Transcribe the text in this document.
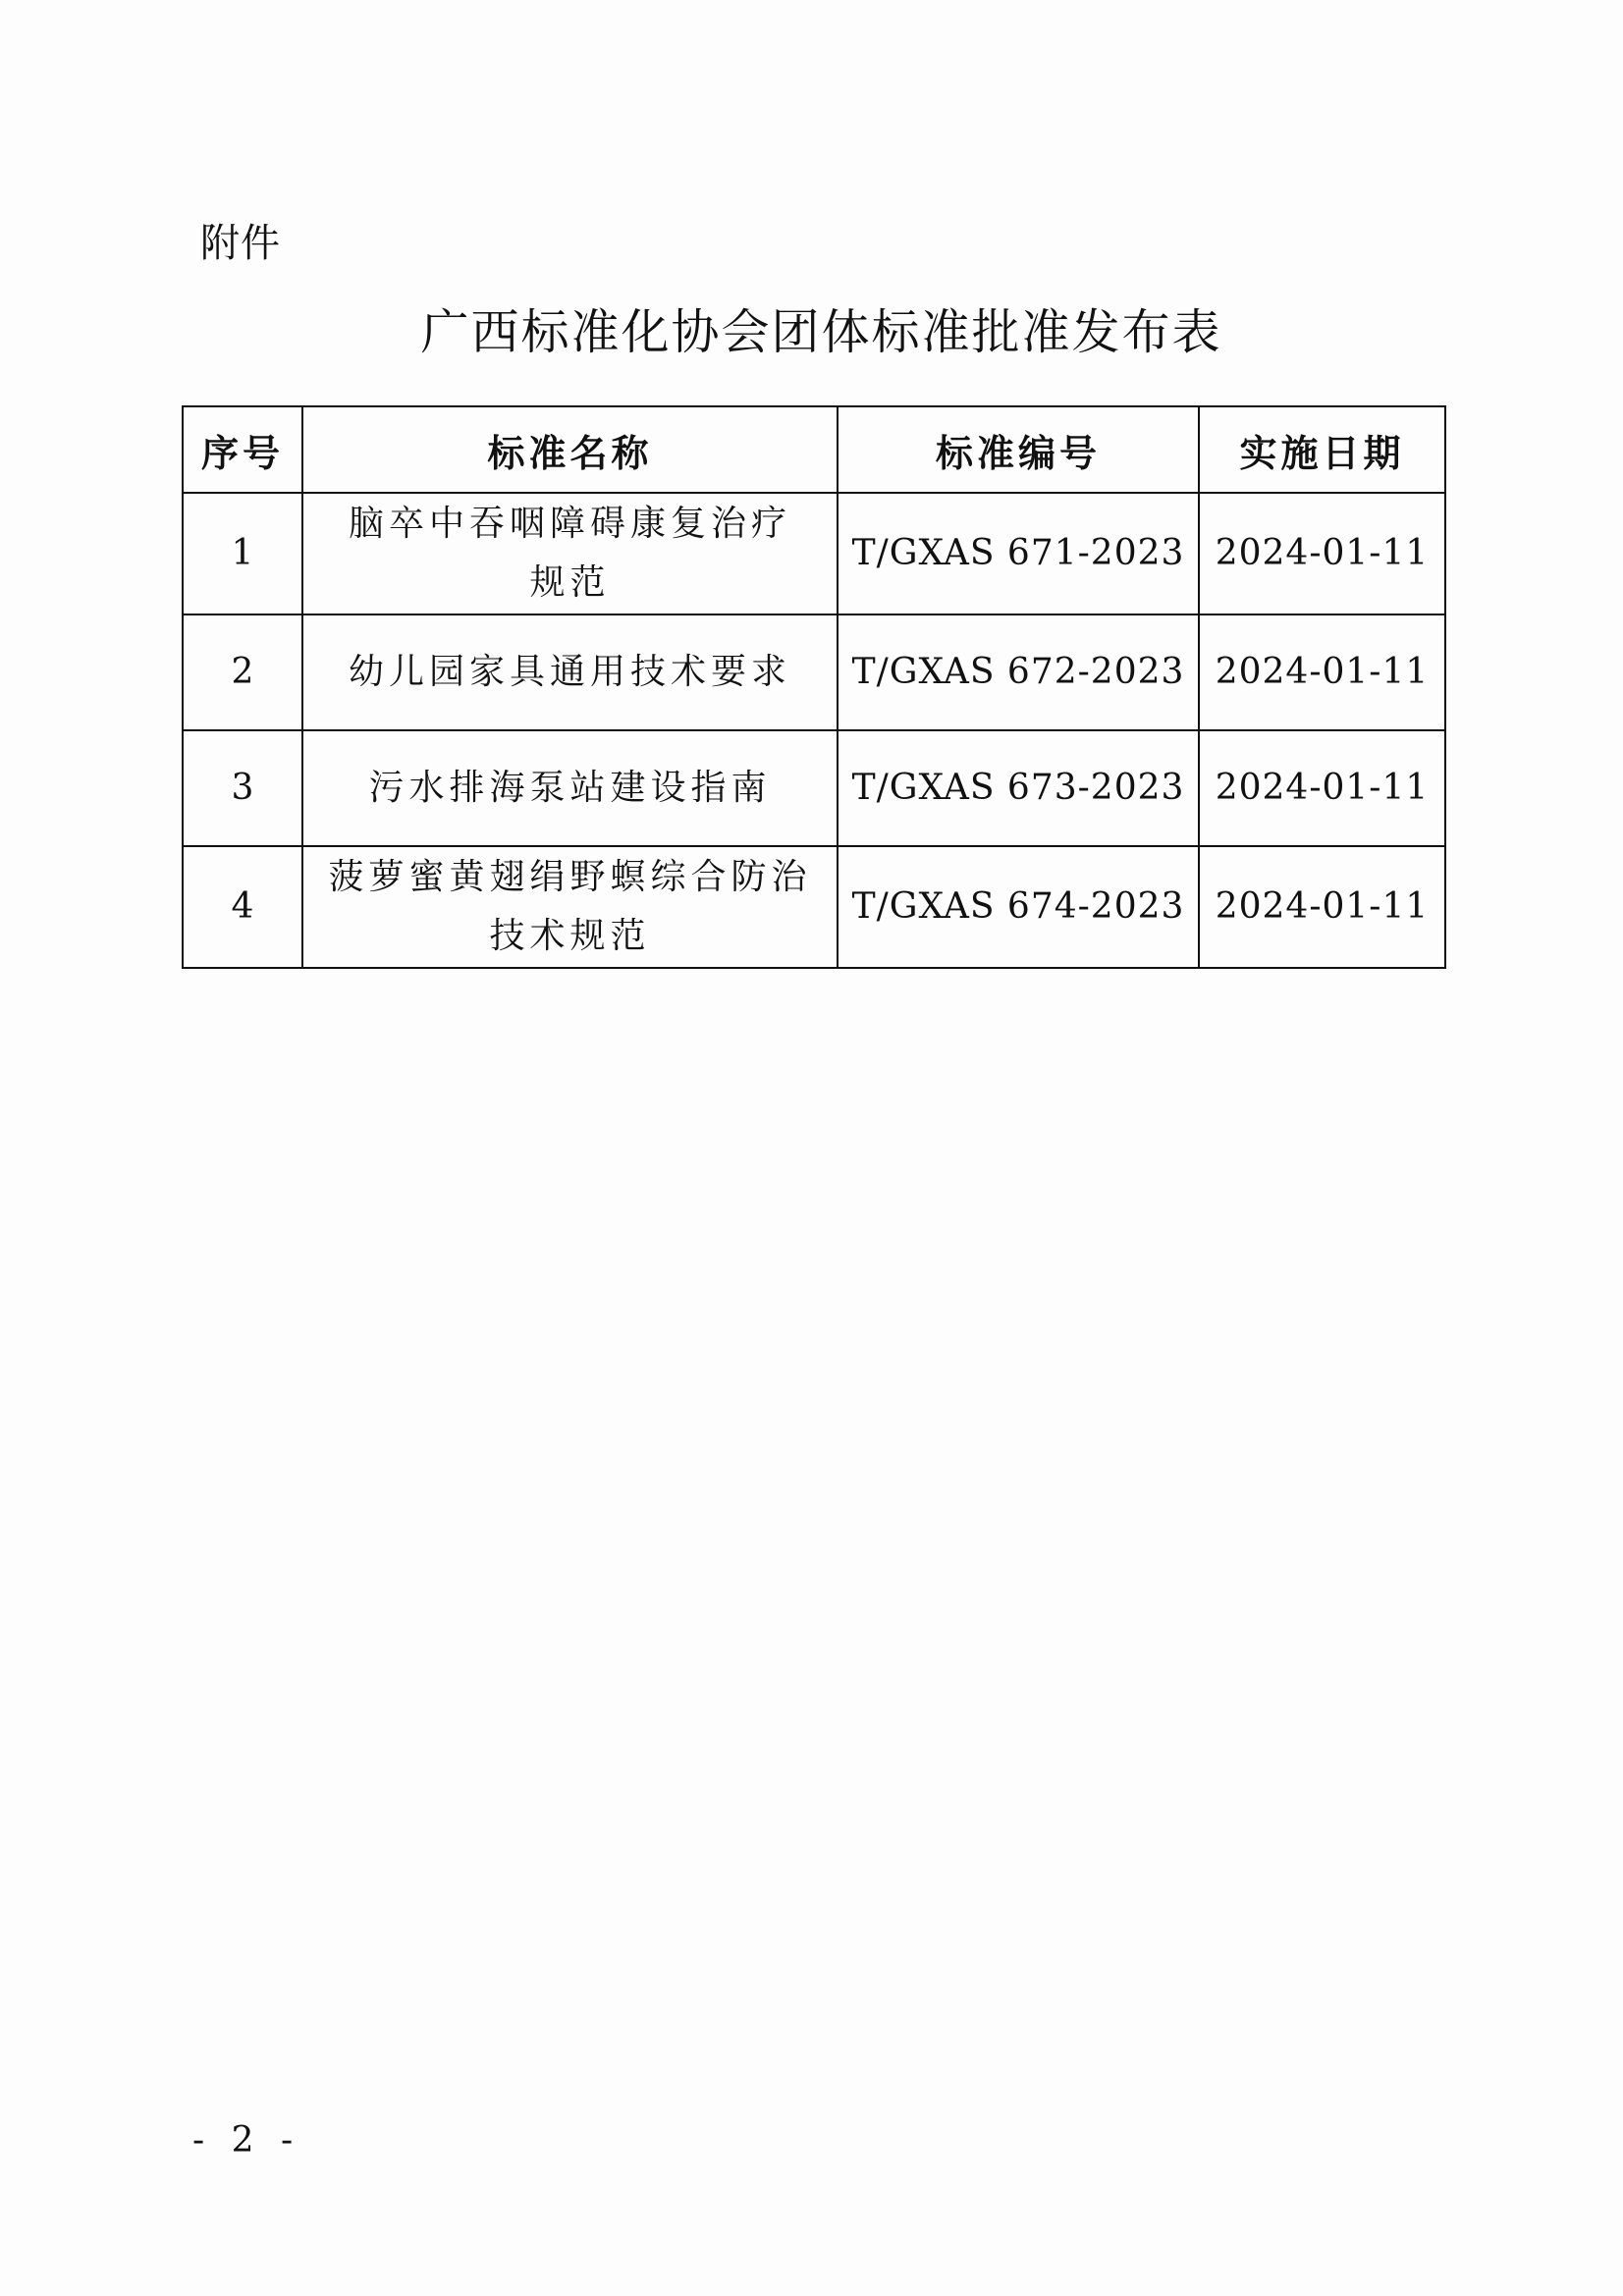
附件
广西标准化协会团体标准批准发布表
序号	标准名称	标准编号	实施日期
1	脑卒中吞咽障碍康复治疗规范	T/GXAS 671-2023	2024-01-11
2	幼儿园家具通用技术要求	T/GXAS 672-2023	2024-01-11
3	污水排海泵站建设指南	T/GXAS 673-2023	2024-01-11
4	菠萝蜜黄翅绢野螟综合防治技术规范	T/GXAS 674-2023	2024-01-11
- 2 -
